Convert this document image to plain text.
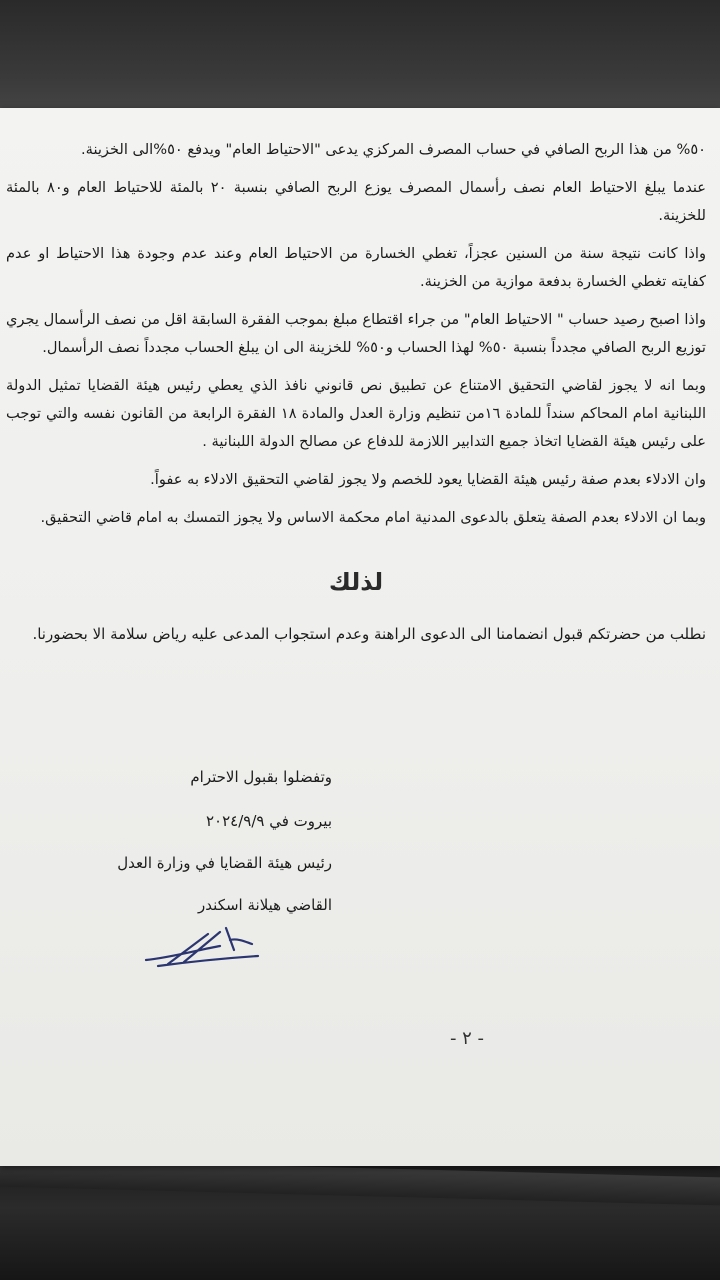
٥٠% من هذا الربح الصافي في حساب المصرف المركزي يدعى "الاحتياط العام" ويدفع ٥٠%الى الخزينة.

عندما يبلغ الاحتياط العام نصف رأسمال المصرف يوزع الربح الصافي بنسبة ٢٠ بالمئة للاحتياط العام و٨٠ بالمئة للخزينة.

واذا كانت نتيجة سنة من السنين عجزاً، تغطي الخسارة من الاحتياط العام وعند عدم وجودة هذا الاحتياط او عدم كفايته تغطي الخسارة بدفعة موازية من الخزينة.

واذا اصبح رصيد حساب " الاحتياط العام" من جراء اقتطاع مبلغ بموجب الفقرة السابقة اقل من نصف الرأسمال يجري توزيع الربح الصافي مجدداً بنسبة ٥٠% لهذا الحساب و٥٠% للخزينة الى ان يبلغ الحساب مجدداً نصف الرأسمال.

وبما انه لا يجوز لقاضي التحقيق الامتناع عن تطبيق نص قانوني نافذ الذي يعطي رئيس هيئة القضايا تمثيل الدولة اللبنانية امام المحاكم سنداً للمادة ١٦من تنظيم وزارة العدل والمادة ١٨ الفقرة الرابعة من القانون نفسه والتي توجب على رئيس هيئة القضايا اتخاذ جميع التدابير اللازمة للدفاع عن مصالح الدولة اللبنانية .

وان الادلاء بعدم صفة رئيس هيئة القضايا يعود للخصم ولا يجوز لقاضي التحقيق الادلاء به عفواً.

وبما ان الادلاء بعدم الصفة يتعلق بالدعوى المدنية امام محكمة الاساس ولا يجوز التمسك به امام قاضي التحقيق.

لذلك

نطلب من حضرتكم قبول انضمامنا الى الدعوى الراهنة وعدم استجواب المدعى عليه رياض سلامة الا بحضورنا.

وتفضلوا بقبول الاحترام
بيروت في ٢٠٢٤/٩/٩
رئيس هيئة القضايا في وزارة العدل
القاضي هيلانة اسكندر
- ٢ -
